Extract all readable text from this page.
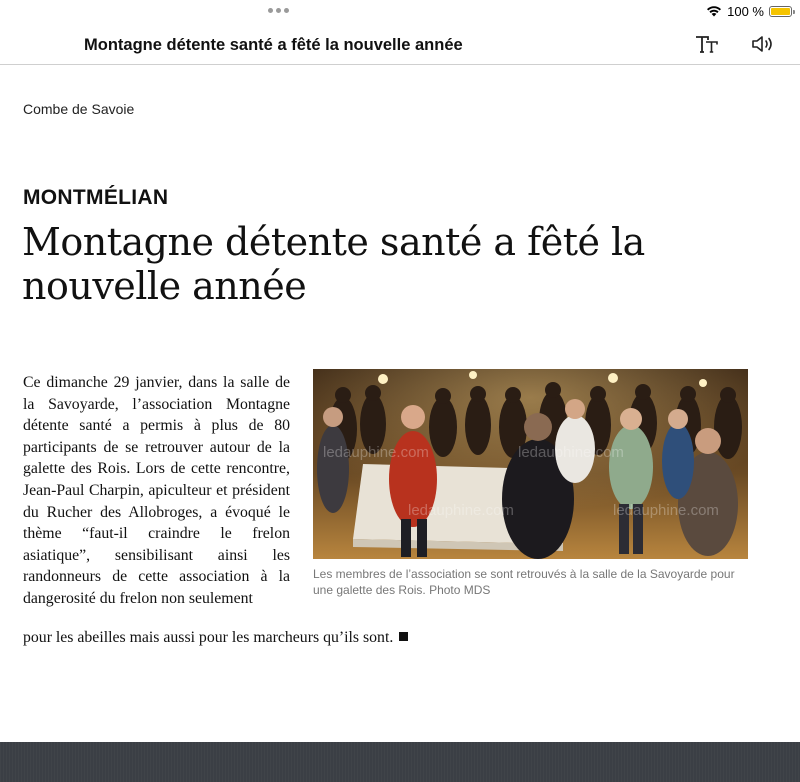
100 %
Montagne détente santé a fêté la nouvelle année
Combe de Savoie
MONTMÉLIAN
Montagne détente santé a fêté la nouvelle année

Ce dimanche 29 janvier, dans la salle de la Savoyarde, l’association Montagne détente santé a permis à plus de 80 participants de se retrouver autour de la galette des Rois. Lors de cette rencontre, Jean-Paul Charpin, apiculteur et président du Rucher des Allobroges, a évoqué le thème “faut-il craindre le frelon asiatique”, sensibilisant ainsi les randonneurs de cette association à la dangerosité du frelon non seulement

pour les abeilles mais aussi pour les marcheurs qu’ils sont.

ledauphine.com	ledauphine.com
ledauphine.com	ledauphine.com

Les membres de l’association se sont retrouvés à la salle de la Savoyarde pour une galette des Rois. Photo MDS
